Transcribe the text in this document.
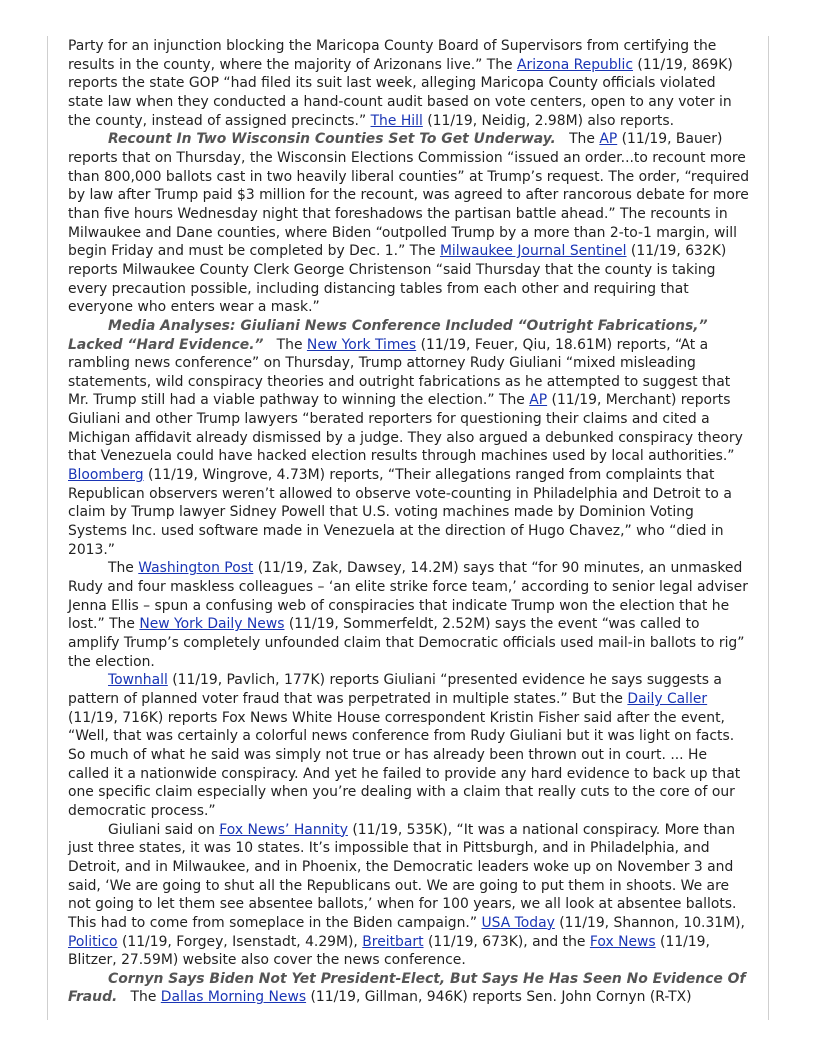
Party for an injunction blocking the Maricopa County Board of Supervisors from certifying the results in the county, where the majority of Arizonans live.” The Arizona Republic (11/19, 869K) reports the state GOP “had filed its suit last week, alleging Maricopa County officials violated state law when they conducted a hand-count audit based on vote centers, open to any voter in the county, instead of assigned precincts.” The Hill (11/19, Neidig, 2.98M) also reports.

Recount In Two Wisconsin Counties Set To Get Underway.   The AP (11/19, Bauer) reports that on Thursday, the Wisconsin Elections Commission “issued an order...to recount more than 800,000 ballots cast in two heavily liberal counties” at Trump’s request. The order, “required by law after Trump paid $3 million for the recount, was agreed to after rancorous debate for more than five hours Wednesday night that foreshadows the partisan battle ahead.” The recounts in Milwaukee and Dane counties, where Biden “outpolled Trump by a more than 2-to-1 margin, will begin Friday and must be completed by Dec. 1.” The Milwaukee Journal Sentinel (11/19, 632K) reports Milwaukee County Clerk George Christenson “said Thursday that the county is taking every precaution possible, including distancing tables from each other and requiring that everyone who enters wear a mask.”

Media Analyses: Giuliani News Conference Included “Outright Fabrications,” Lacked “Hard Evidence.”   The New York Times (11/19, Feuer, Qiu, 18.61M) reports, “At a rambling news conference” on Thursday, Trump attorney Rudy Giuliani “mixed misleading statements, wild conspiracy theories and outright fabrications as he attempted to suggest that Mr. Trump still had a viable pathway to winning the election.” The AP (11/19, Merchant) reports Giuliani and other Trump lawyers “berated reporters for questioning their claims and cited a Michigan affidavit already dismissed by a judge. They also argued a debunked conspiracy theory that Venezuela could have hacked election results through machines used by local authorities.” Bloomberg (11/19, Wingrove, 4.73M) reports, “Their allegations ranged from complaints that Republican observers weren’t allowed to observe vote-counting in Philadelphia and Detroit to a claim by Trump lawyer Sidney Powell that U.S. voting machines made by Dominion Voting Systems Inc. used software made in Venezuela at the direction of Hugo Chavez,” who “died in 2013.”

The Washington Post (11/19, Zak, Dawsey, 14.2M) says that “for 90 minutes, an unmasked Rudy and four maskless colleagues – ‘an elite strike force team,’ according to senior legal adviser Jenna Ellis – spun a confusing web of conspiracies that indicate Trump won the election that he lost.” The New York Daily News (11/19, Sommerfeldt, 2.52M) says the event “was called to amplify Trump’s completely unfounded claim that Democratic officials used mail-in ballots to rig” the election.

Townhall (11/19, Pavlich, 177K) reports Giuliani “presented evidence he says suggests a pattern of planned voter fraud that was perpetrated in multiple states.” But the Daily Caller (11/19, 716K) reports Fox News White House correspondent Kristin Fisher said after the event, “Well, that was certainly a colorful news conference from Rudy Giuliani but it was light on facts. So much of what he said was simply not true or has already been thrown out in court. ... He called it a nationwide conspiracy. And yet he failed to provide any hard evidence to back up that one specific claim especially when you’re dealing with a claim that really cuts to the core of our democratic process.”

Giuliani said on Fox News’ Hannity (11/19, 535K), “It was a national conspiracy. More than just three states, it was 10 states. It’s impossible that in Pittsburgh, and in Philadelphia, and Detroit, and in Milwaukee, and in Phoenix, the Democratic leaders woke up on November 3 and said, ‘We are going to shut all the Republicans out. We are going to put them in shoots. We are not going to let them see absentee ballots,’ when for 100 years, we all look at absentee ballots. This had to come from someplace in the Biden campaign.” USA Today (11/19, Shannon, 10.31M), Politico (11/19, Forgey, Isenstadt, 4.29M), Breitbart (11/19, 673K), and the Fox News (11/19, Blitzer, 27.59M) website also cover the news conference.

Cornyn Says Biden Not Yet President-Elect, But Says He Has Seen No Evidence Of Fraud.   The Dallas Morning News (11/19, Gillman, 946K) reports Sen. John Cornyn (R-TX)
